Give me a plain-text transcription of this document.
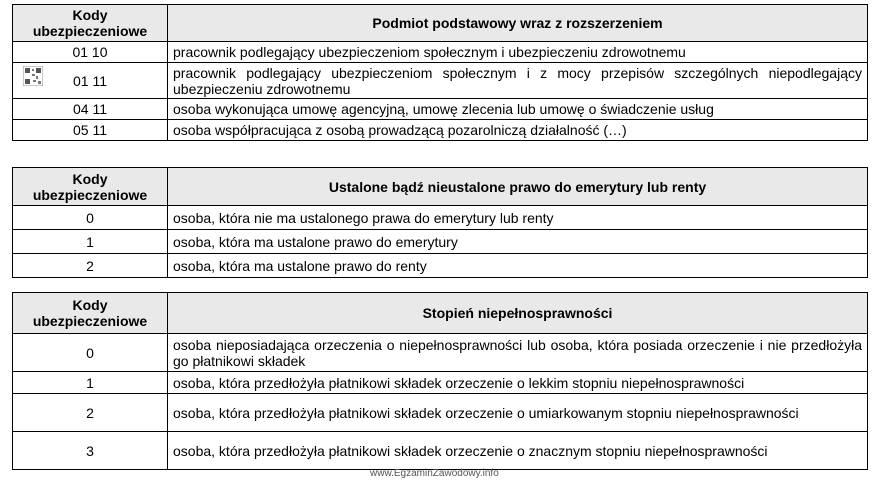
Kody ubezpieczeniowe	Podmiot podstawowy wraz z rozszerzeniem
01 10	pracownik podlegający ubezpieczeniom społecznym i ubezpieczeniu zdrowotnemu

01 11	pracownik podlegający ubezpieczeniom społecznym i z mocy przepisów szczególnych niepodlegający ubezpieczeniu zdrowotnemu
04 11	osoba wykonująca umowę agencyjną, umowę zlecenia lub umowę o świadczenie usług
05 11	osoba współpracująca z osobą prowadzącą pozarolniczą działalność (…)
Kody ubezpieczeniowe	Ustalone bądź nieustalone prawo do emerytury lub renty
0	osoba, która nie ma ustalonego prawa do emerytury lub renty
1	osoba, która ma ustalone prawo do emerytury
2	osoba, która ma ustalone prawo do renty
Kody ubezpieczeniowe	Stopień niepełnosprawności
0	osoba nieposiadająca orzeczenia o niepełnosprawności lub osoba, która posiada orzeczenie i nie przedłożyła go płatnikowi składek
1	osoba, która przedłożyła płatnikowi składek orzeczenie o lekkim stopniu niepełnosprawności
2	osoba, która przedłożyła płatnikowi składek orzeczenie o umiarkowanym stopniu niepełnosprawności
3	osoba, która przedłożyła płatnikowi składek orzeczenie o znacznym stopniu niepełnosprawności
www.EgzaminZawodowy.info
